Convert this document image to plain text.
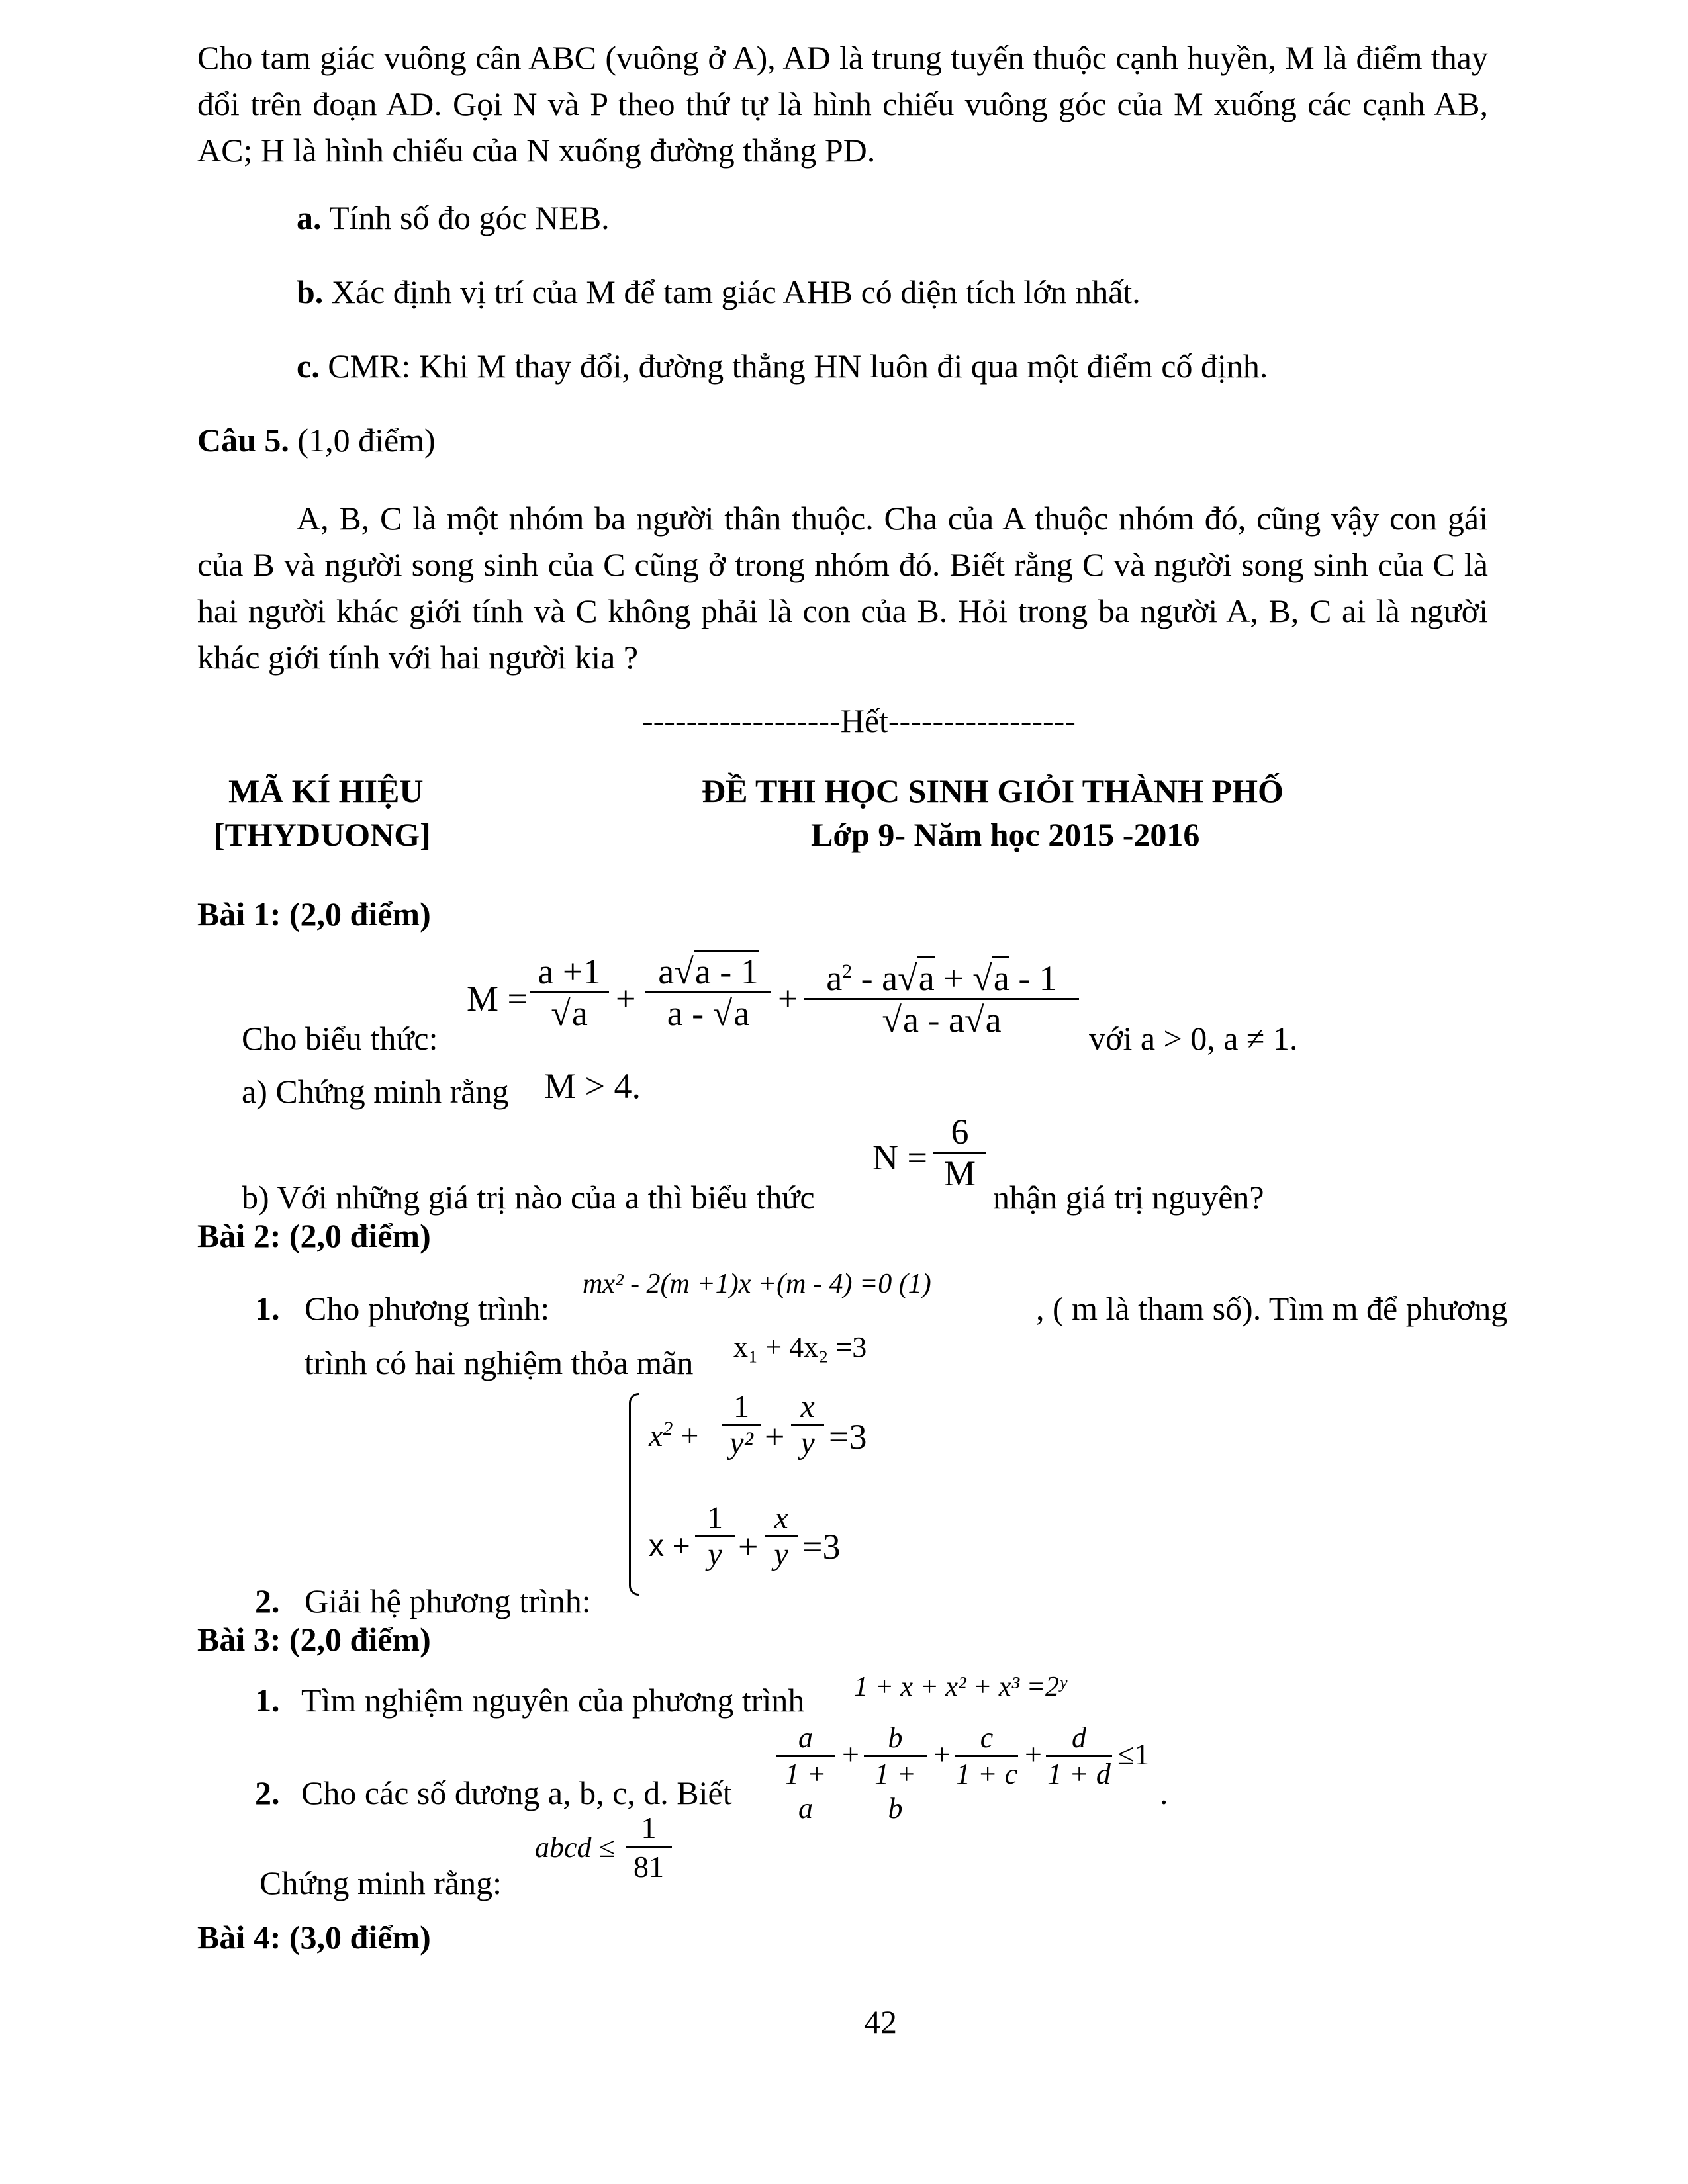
Cho tam giác vuông cân ABC (vuông ở A), AD là trung tuyến thuộc cạnh huyền, M là điểm thay đổi trên đoạn AD. Gọi N và P theo thứ tự là hình chiếu vuông góc của M xuống các cạnh AB, AC; H là hình chiếu của N xuống đường thẳng PD.
a. Tính số đo góc NEB.
b. Xác định vị trí của M để tam giác AHB có diện tích lớn nhất.
c. CMR: Khi M thay đổi, đường thẳng HN luôn đi qua một điểm cố định.
Câu 5. (1,0 điểm)
A, B, C là một nhóm ba người thân thuộc. Cha của A thuộc nhóm đó, cũng vậy con gái của B và người song sinh của C cũng ở trong nhóm đó. Biết rằng C và người song sinh của C là hai người khác giới tính và C không phải là con của B. Hỏi trong ba người A, B, C ai là người khác giới tính với hai người kia ?
------------------Hết-----------------
MÃ KÍ HIỆU
[THYDUONG]
ĐỀ THI HỌC SINH GIỎI THÀNH PHỐ
Lớp 9- Năm học 2015 -2016
Bài 1: (2,0 điểm)
$M = \frac{a +1}{√a} + \frac{a√a - 1}{a - √a} + \frac{a^2 - a√a + √a - 1}{√a - a√a}$
Cho biểu thức:	với a > 0, a ≠ 1.
a) Chứng minh rằng M > 4.
$N = \frac{6}{M}$
b) Với những giá trị nào của a thì biểu thức	nhận giá trị nguyên?
Bài 2: (2,0 điểm)
1. Cho phương trình:
mx² - 2(m +1)x +(m - 4) =0 (1)
, ( m là tham số). Tìm m để phương
trình có hai nghiệm thỏa mãn x₁ + 4x₂ =3
$x^2 + \frac{1}{\text{y²}} + \frac{x}{y} =3$
$x + \frac{1}{y} + \frac{x}{y} =3$
2. Giải hệ phương trình:
Bài 3: (2,0 điểm)
1. Tìm nghiệm nguyên của phương trình 1 + x + x² + x³ =2ʸ
$\frac{a}{1 + a} + \frac{b}{1 + b} + \frac{c}{1 + c} + \frac{d}{1 + d} \le 1$
2. Cho các số dương a, b, c, d. Biết	.
abcd ≤ $\frac{1}{81}$
Chứng minh rằng:
Bài 4: (3,0 điểm)
42
